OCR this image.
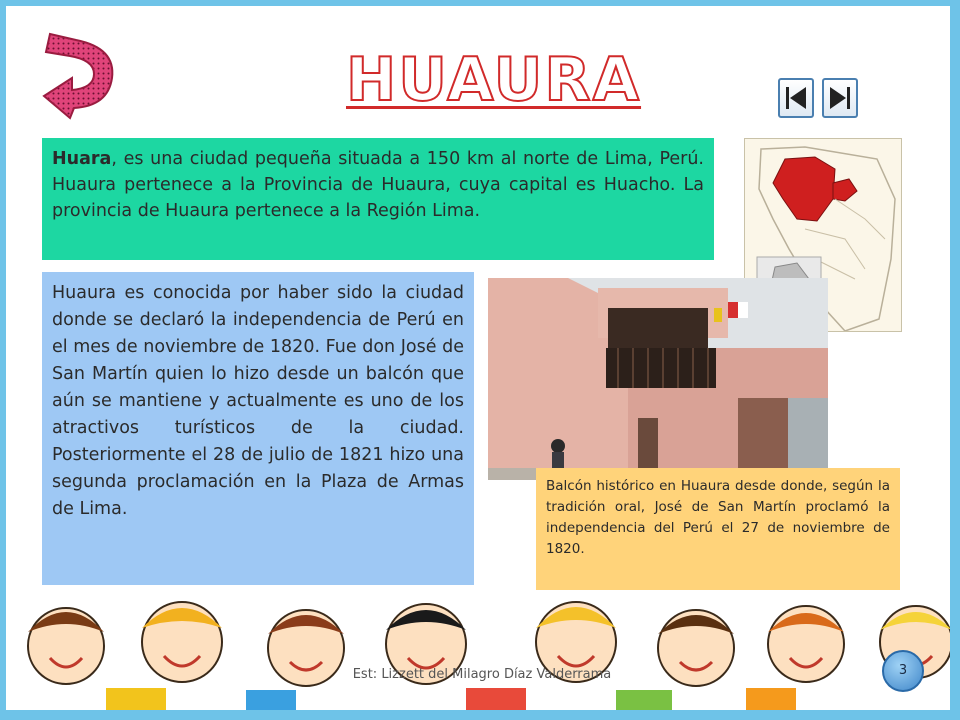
HUAURA

Huara, es una ciudad pequeña situada a 150 km al norte de Lima, Perú. Huaura pertenece a la Provincia de Huaura, cuya capital es Huacho. La provincia de Huaura pertenece a la Región Lima.

Huaura es conocida por haber sido la ciudad donde se declaró la independencia de Perú en el mes de noviembre de 1820. Fue don José de San Martín quien lo hizo desde un balcón que aún se mantiene y actualmente es uno de los atractivos turísticos de la ciudad. Posteriormente el 28 de julio de 1821 hizo una segunda proclamación en la Plaza de Armas de Lima.

Balcón histórico en Huaura desde donde, según la tradición oral, José de San Martín proclamó la independencia del Perú el 27 de noviembre de 1820.

Est: Lizzett del Milagro Díaz Valderrama	3
